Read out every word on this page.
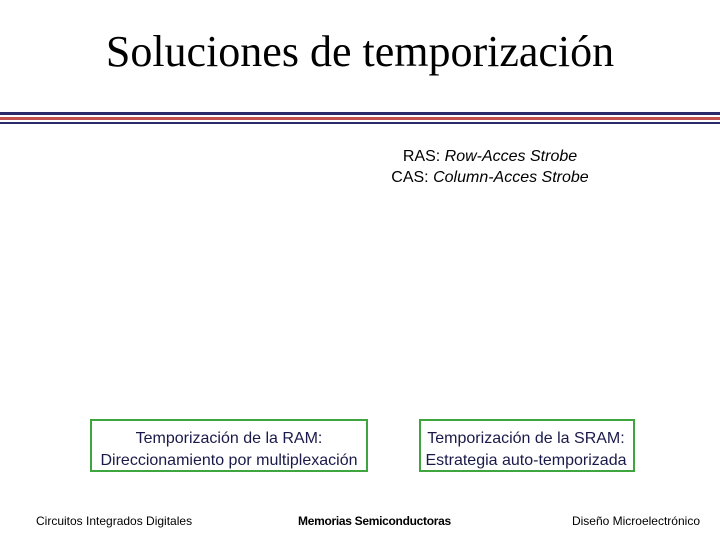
Soluciones de temporización
RAS: Row-Acces Strobe
CAS: Column-Acces Strobe
Temporización de la RAM:
Direccionamiento por multiplexación
Temporización de la SRAM:
Estrategia auto-temporizada
Circuitos Integrados Digitales	Memorias Semiconductoras	Diseño Microelectrónico
